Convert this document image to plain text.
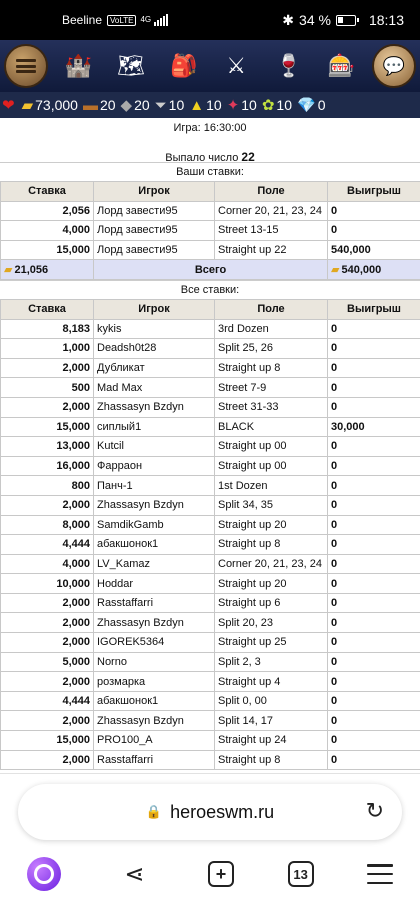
Beeline	VoLTE 4G	✱ 34 %	18:13
🏰	🗺	🎒	⚔	🍷	🎰	💬
❤ ▰ 73,000 ▬ 20 ◆ 20 ⏷ 10 ▲ 10 ✦ 10 ✿ 10 💎 0
Игра: 16:30:00
Выпало число 22
Ваши ставки:
Ставка	Игрок	Поле	Выигрыш
2,056	Лорд завести95	Corner 20, 21, 23, 24	0
4,000	Лорд завести95	Street 13-15	0
15,000	Лорд завести95	Straight up 22	540,000
▰ 21,056	Всего		▰ 540,000
Все ставки:
Ставка	Игрок	Поле	Выигрыш
8,183	kykis	3rd Dozen	0
1,000	Deadsh0t28	Split 25, 26	0
2,000	Дубликат	Straight up 8	0
500	Mad Max	Street 7-9	0
2,000	Zhassasyn Bzdyn	Street 31-33	0
15,000	сиплый1	BLACK	30,000
13,000	Kutcil	Straight up 00	0
16,000	Фарраон	Straight up 00	0
800	Панч-1	1st Dozen	0
2,000	Zhassasyn Bzdyn	Split 34, 35	0
8,000	SamdikGamb	Straight up 20	0
4,444	абакшонок1	Straight up 8	0
4,000	LV_Kamaz	Corner 20, 21, 23, 24	0
10,000	Hoddar	Straight up 20	0
2,000	Rasstaffarri	Straight up 6	0
2,000	Zhassasyn Bzdyn	Split 20, 23	0
2,000	IGOREK5364	Straight up 25	0
5,000	Norno	Split 2, 3	0
2,000	розмарка	Straight up 4	0
4,444	абакшонок1	Split 0, 00	0
2,000	Zhassasyn Bzdyn	Split 14, 17	0
15,000	PRO100_A	Straight up 24	0
2,000	Rasstaffarri	Straight up 8	0
🔒 heroeswm.ru	↻
⋖	+	13
